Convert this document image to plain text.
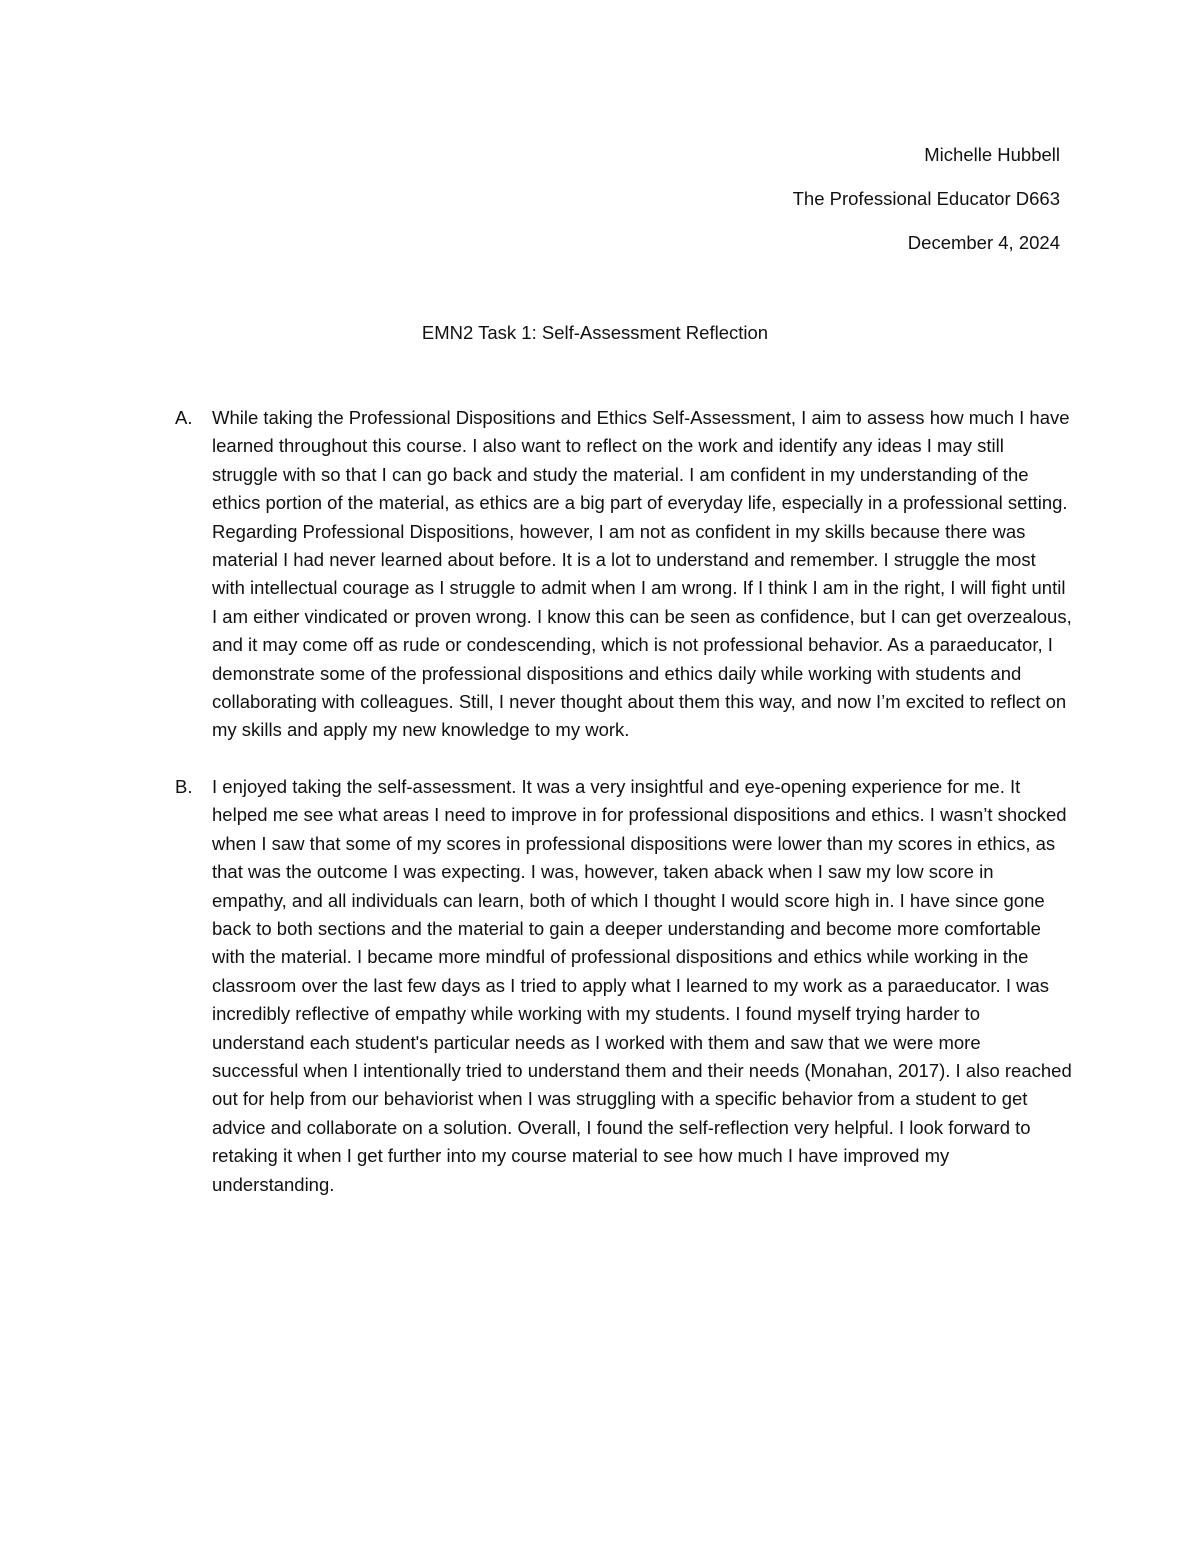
Michelle Hubbell

The Professional Educator D663

December 4, 2024

EMN2 Task 1: Self-Assessment Reflection
A. While taking the Professional Dispositions and Ethics Self-Assessment, I aim to assess how much I have learned throughout this course. I also want to reflect on the work and identify any ideas I may still struggle with so that I can go back and study the material. I am confident in my understanding of the ethics portion of the material, as ethics are a big part of everyday life, especially in a professional setting. Regarding Professional Dispositions, however, I am not as confident in my skills because there was material I had never learned about before. It is a lot to understand and remember. I struggle the most with intellectual courage as I struggle to admit when I am wrong. If I think I am in the right, I will fight until I am either vindicated or proven wrong. I know this can be seen as confidence, but I can get overzealous, and it may come off as rude or condescending, which is not professional behavior. As a paraeducator, I demonstrate some of the professional dispositions and ethics daily while working with students and collaborating with colleagues. Still, I never thought about them this way, and now I’m excited to reflect on my skills and apply my new knowledge to my work.

B. I enjoyed taking the self-assessment. It was a very insightful and eye-opening experience for me. It helped me see what areas I need to improve in for professional dispositions and ethics. I wasn’t shocked when I saw that some of my scores in professional dispositions were lower than my scores in ethics, as that was the outcome I was expecting. I was, however, taken aback when I saw my low score in empathy, and all individuals can learn, both of which I thought I would score high in. I have since gone back to both sections and the material to gain a deeper understanding and become more comfortable with the material. I became more mindful of professional dispositions and ethics while working in the classroom over the last few days as I tried to apply what I learned to my work as a paraeducator. I was incredibly reflective of empathy while working with my students. I found myself trying harder to understand each student's particular needs as I worked with them and saw that we were more successful when I intentionally tried to understand them and their needs (Monahan, 2017). I also reached out for help from our behaviorist when I was struggling with a specific behavior from a student to get advice and collaborate on a solution. Overall, I found the self-reflection very helpful. I look forward to retaking it when I get further into my course material to see how much I have improved my understanding.
